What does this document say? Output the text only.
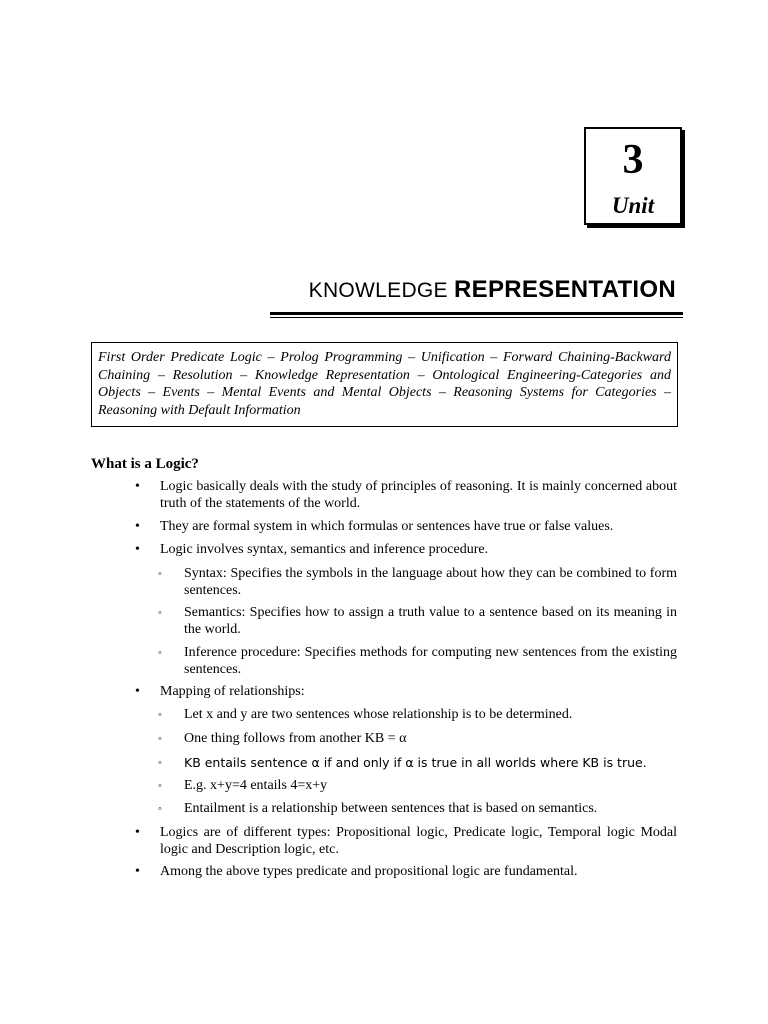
3
Unit
KNOWLEDGE REPRESENTATION

First Order Predicate Logic – Prolog Programming – Unification – Forward Chaining-Backward Chaining – Resolution – Knowledge Representation – Ontological Engineering-Categories and Objects – Events – Mental Events and Mental Objects – Reasoning Systems for Categories – Reasoning with Default Information

What is a Logic?
• Logic basically deals with the study of principles of reasoning. It is mainly concerned about truth of the statements of the world.
• They are formal system in which formulas or sentences have true or false values.
• Logic involves syntax, semantics and inference procedure.
◦ Syntax: Specifies the symbols in the language about how they can be combined to form sentences.
◦ Semantics: Specifies how to assign a truth value to a sentence based on its meaning in the world.
◦ Inference procedure: Specifies methods for computing new sentences from the existing sentences.
• Mapping of relationships:
◦ Let x and y are two sentences whose relationship is to be determined.
◦ One thing follows from another KB = α
◦ KB entails sentence α if and only if α is true in all worlds where KB is true.
◦ E.g. x+y=4 entails 4=x+y
◦ Entailment is a relationship between sentences that is based on semantics.
• Logics are of different types: Propositional logic, Predicate logic, Temporal logic Modal logic and Description logic, etc.
• Among the above types predicate and propositional logic are fundamental.
